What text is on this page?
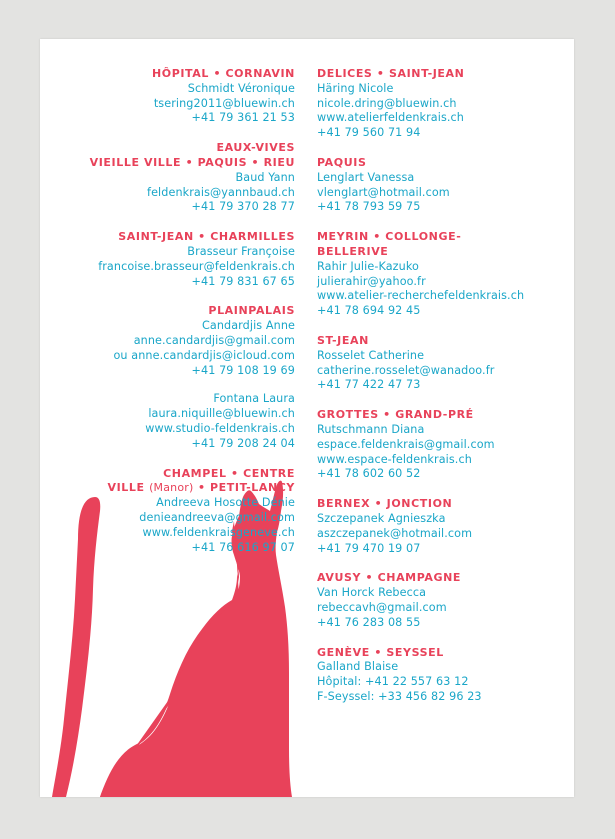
HÔPITAL • CORNAVIN
Schmidt Véronique
tsering2011@bluewin.ch
+41 79 361 21 53
EAUX-VIVES
VIEILLE VILLE • PAQUIS • RIEU
Baud Yann
feldenkrais@yannbaud.ch
+41 79 370 28 77
SAINT-JEAN • CHARMILLES
Brasseur Françoise
francoise.brasseur@feldenkrais.ch
+41 79 831 67 65
PLAINPALAIS
Candardjis Anne
anne.candardjis@gmail.com
ou anne.candardjis@icloud.com
+41 79 108 19 69
Fontana Laura
laura.niquille@bluewin.ch
www.studio-feldenkrais.ch
+41 79 208 24 04
CHAMPEL • CENTRE
VILLE (Manor) • PETIT-LANCY
Andreeva Hosotte Dénie
denieandreeva@gmail.com
www.feldenkraisgeneve.ch
+41 76 616 97 07
DELICES • SAINT-JEAN
Häring Nicole
nicole.dring@bluewin.ch
www.atelierfeldenkrais.ch
+41 79 560 71 94
PAQUIS
Lenglart Vanessa
vlenglart@hotmail.com
+41 78 793 59 75
MEYRIN • COLLONGE-
BELLERIVE
Rahir Julie-Kazuko
julierahir@yahoo.fr
www.atelier-recherchefeldenkrais.ch
+41 78 694 92 45
ST-JEAN
Rosselet Catherine
catherine.rosselet@wanadoo.fr
+41 77 422 47 73
GROTTES • GRAND-PRÉ
Rutschmann Diana
espace.feldenkrais@gmail.com
www.espace-feldenkrais.ch
+41 78 602 60 52
BERNEX • JONCTION
Szczepanek Agnieszka
aszczepanek@hotmail.com
+41 79 470 19 07
AVUSY • CHAMPAGNE
Van Horck Rebecca
rebeccavh@gmail.com
+41 76 283 08 55
GENÈVE • SEYSSEL
Galland Blaise
Hôpital: +41 22 557 63 12
F-Seyssel: +33 456 82 96 23
